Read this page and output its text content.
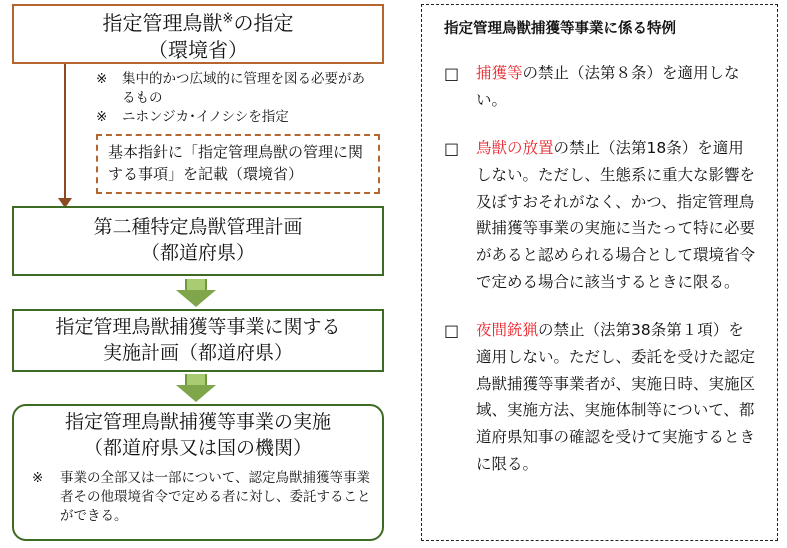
指定管理鳥獣※の指定
（環境省）
※	集中的かつ広域的に管理を図る必要があるもの
※	ニホンジカ･イノシシを指定
基本指針に「指定管理鳥獣の管理に関する事項」を記載（環境省）
第二種特定鳥獣管理計画
（都道府県）
指定管理鳥獣捕獲等事業に関する
実施計画（都道府県）
指定管理鳥獣捕獲等事業の実施
（都道府県又は国の機関）
※	事業の全部又は一部について、認定鳥獣捕獲等事業者その他環境省令で定める者に対し、委託することができる。
指定管理鳥獣捕獲等事業に係る特例
□	捕獲等の禁止（法第８条）を適用しない。
□	鳥獣の放置の禁止（法第18条）を適用しない。ただし、生態系に重大な影響を及ぼすおそれがなく、かつ、指定管理鳥獣捕獲等事業の実施に当たって特に必要があると認められる場合として環境省令で定める場合に該当するときに限る。
□	夜間銃猟の禁止（法第38条第１項）を適用しない。ただし、委託を受けた認定鳥獣捕獲等事業者が、実施日時、実施区域、実施方法、実施体制等について、都道府県知事の確認を受けて実施するときに限る。
